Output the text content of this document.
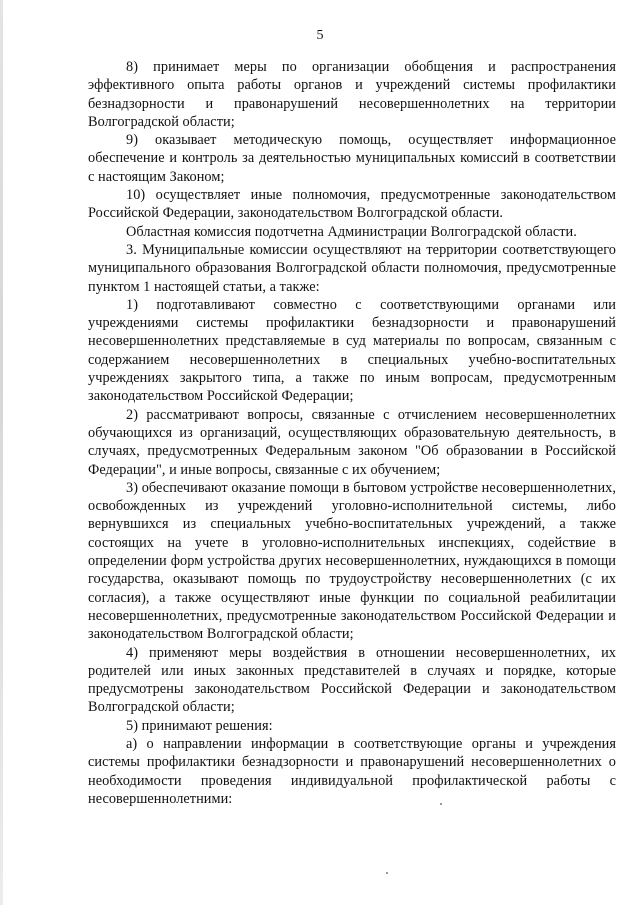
5

8) принимает меры по организации обобщения и распространения эффективного опыта работы органов и учреждений системы профилактики безнадзорности и правонарушений несовершеннолетних на территории Волгоградской области;

9) оказывает методическую помощь, осуществляет информационное обеспечение и контроль за деятельностью муниципальных комиссий в соответствии с настоящим Законом;

10) осуществляет иные полномочия, предусмотренные законодательством Российской Федерации, законодательством Волгоградской области.

Областная комиссия подотчетна Администрации Волгоградской области.

3. Муниципальные комиссии осуществляют на территории соответствующего муниципального образования Волгоградской области полномочия, предусмотренные пунктом 1 настоящей статьи, а также:

1) подготавливают совместно с соответствующими органами или учреждениями системы профилактики безнадзорности и правонарушений несовершеннолетних представляемые в суд материалы по вопросам, связанным с содержанием несовершеннолетних в специальных учебно-воспитательных учреждениях закрытого типа, а также по иным вопросам, предусмотренным законодательством Российской Федерации;

2) рассматривают вопросы, связанные с отчислением несовершеннолетних обучающихся из организаций, осуществляющих образовательную деятельность, в случаях, предусмотренных Федеральным законом "Об образовании в Российской Федерации", и иные вопросы, связанные с их обучением;

3) обеспечивают оказание помощи в бытовом устройстве несовершеннолетних, освобожденных из учреждений уголовно-исполнительной системы, либо вернувшихся из специальных учебно-воспитательных учреждений, а также состоящих на учете в уголовно-исполнительных инспекциях, содействие в определении форм устройства других несовершеннолетних, нуждающихся в помощи государства, оказывают помощь по трудоустройству несовершеннолетних (с их согласия), а также осуществляют иные функции по социальной реабилитации несовершеннолетних, предусмотренные законодательством Российской Федерации и законодательством Волгоградской области;

4) применяют меры воздействия в отношении несовершеннолетних, их родителей или иных законных представителей в случаях и порядке, которые предусмотрены законодательством Российской Федерации и законодательством Волгоградской области;

5) принимают решения:

а) о направлении информации в соответствующие органы и учреждения системы профилактики безнадзорности и правонарушений несовершеннолетних о необходимости проведения индивидуальной профилактической работы с несовершеннолетними:
